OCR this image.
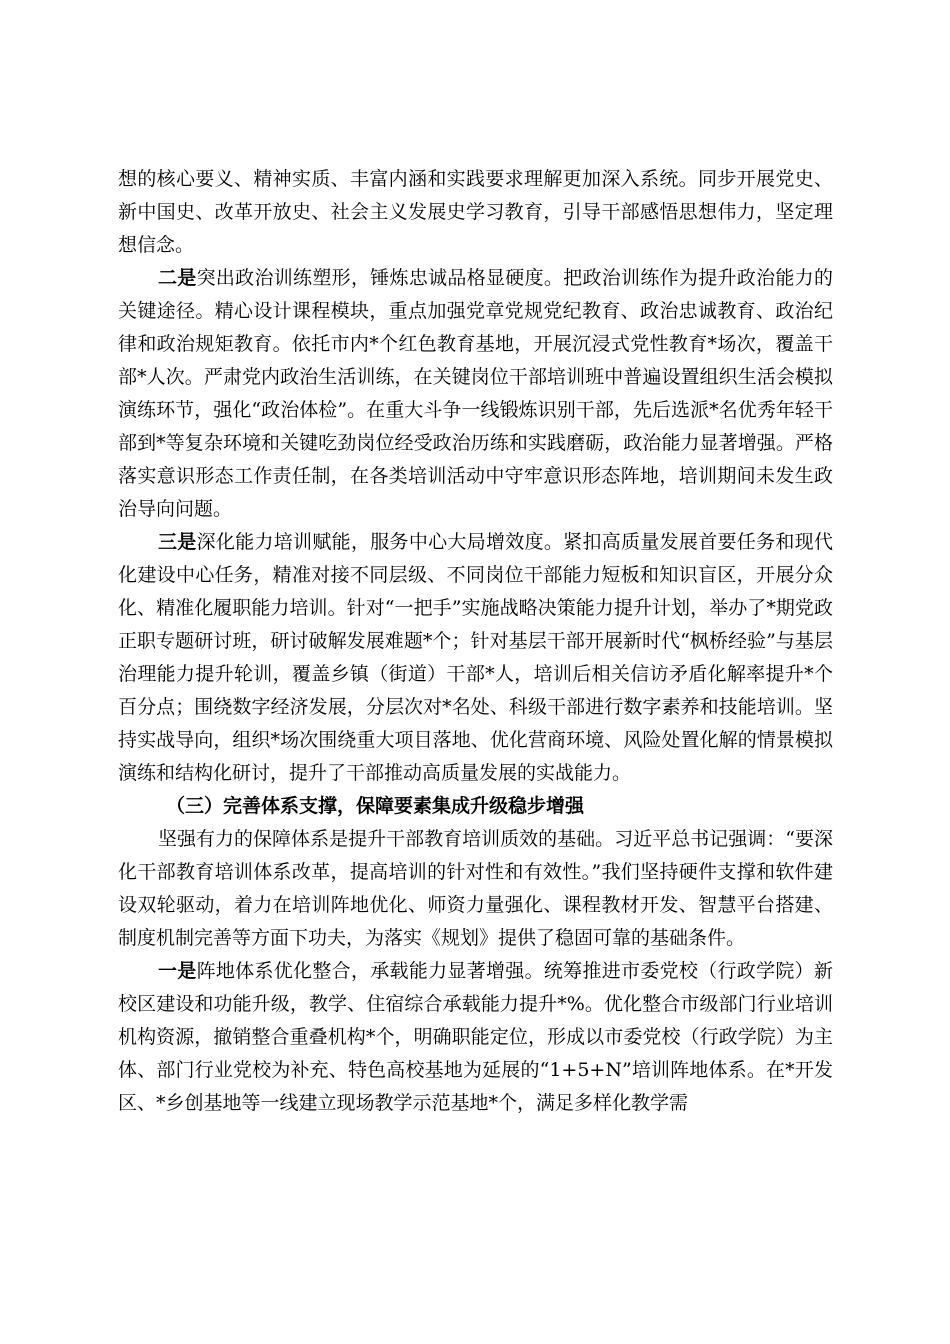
想的核心要义、精神实质、丰富内涵和实践要求理解更加深入系统。同步开展党史、新中国史、改革开放史、社会主义发展史学习教育，引导干部感悟思想伟力，坚定理想信念。

二是突出政治训练塑形，锤炼忠诚品格显硬度。把政治训练作为提升政治能力的关键途径。精心设计课程模块，重点加强党章党规党纪教育、政治忠诚教育、政治纪律和政治规矩教育。依托市内*个红色教育基地，开展沉浸式党性教育*场次，覆盖干部*人次。严肃党内政治生活训练，在关键岗位干部培训班中普遍设置组织生活会模拟演练环节，强化“政治体检”。在重大斗争一线锻炼识别干部，先后选派*名优秀年轻干部到*等复杂环境和关键吃劲岗位经受政治历练和实践磨砺，政治能力显著增强。严格落实意识形态工作责任制，在各类培训活动中守牢意识形态阵地，培训期间未发生政治导向问题。

三是深化能力培训赋能，服务中心大局增效度。紧扣高质量发展首要任务和现代化建设中心任务，精准对接不同层级、不同岗位干部能力短板和知识盲区，开展分众化、精准化履职能力培训。针对“一把手”实施战略决策能力提升计划，举办了*期党政正职专题研讨班，研讨破解发展难题*个；针对基层干部开展新时代“枫桥经验”与基层治理能力提升轮训，覆盖乡镇（街道）干部*人，培训后相关信访矛盾化解率提升*个百分点；围绕数字经济发展，分层次对*名处、科级干部进行数字素养和技能培训。坚持实战导向，组织*场次围绕重大项目落地、优化营商环境、风险处置化解的情景模拟演练和结构化研讨，提升了干部推动高质量发展的实战能力。

（三）完善体系支撑，保障要素集成升级稳步增强

坚强有力的保障体系是提升干部教育培训质效的基础。习近平总书记强调：“要深化干部教育培训体系改革，提高培训的针对性和有效性。”我们坚持硬件支撑和软件建设双轮驱动，着力在培训阵地优化、师资力量强化、课程教材开发、智慧平台搭建、制度机制完善等方面下功夫，为落实《规划》提供了稳固可靠的基础条件。

一是阵地体系优化整合，承载能力显著增强。统筹推进市委党校（行政学院）新校区建设和功能升级，教学、住宿综合承载能力提升*%。优化整合市级部门行业培训机构资源，撤销整合重叠机构*个，明确职能定位，形成以市委党校（行政学院）为主体、部门行业党校为补充、特色高校基地为延展的“1+5+N”培训阵地体系。在*开发区、*乡创基地等一线建立现场教学示范基地*个，满足多样化教学需
